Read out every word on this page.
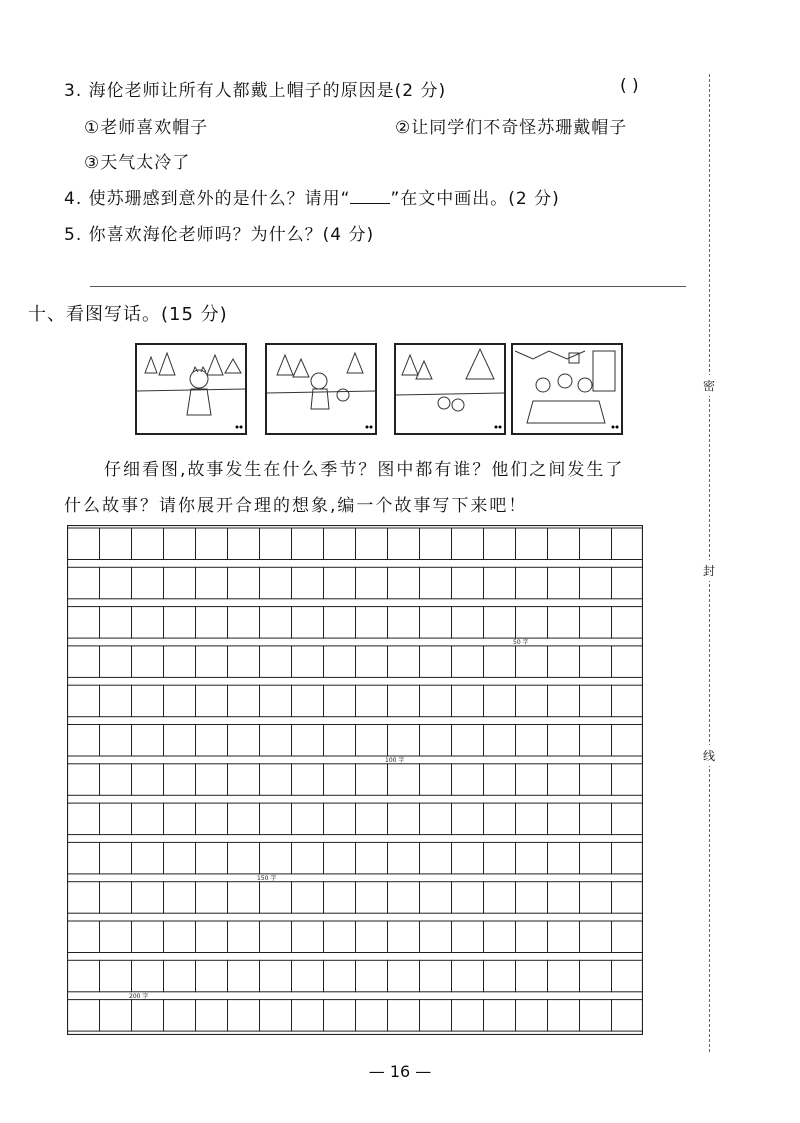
3. 海伦老师让所有人都戴上帽子的原因是(2 分)	( )
①老师喜欢帽子	②让同学们不奇怪苏珊戴帽子
③天气太冷了
4. 使苏珊感到意外的是什么？请用“ ”在文中画出。(2 分)
5. 你喜欢海伦老师吗？为什么？(4 分)
十、看图写话。(15 分)
仔细看图,故事发生在什么季节？图中都有谁？他们之间发生了
什么故事？请你展开合理的想象,编一个故事写下来吧！
50 字
100 字
150 字
200 字
密
封
线
— 16 —
